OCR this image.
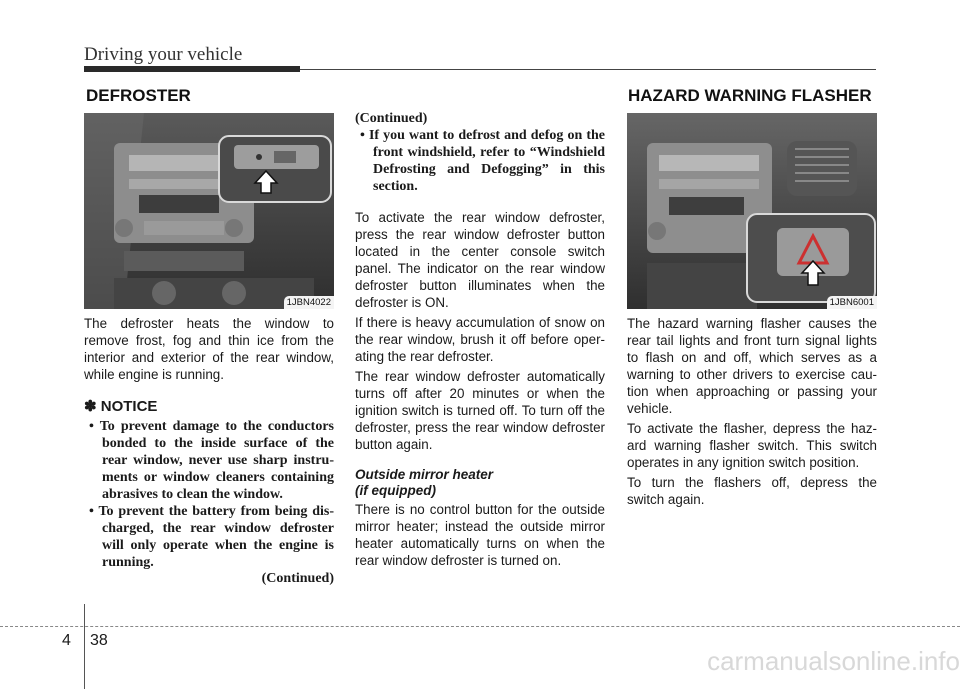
Driving your vehicle
DEFROSTER	HAZARD WARNING FLASHER
1JBN4022

The defroster heats the window to remove frost, fog and thin ice from the interior and exterior of the rear window, while engine is running.

✽ NOTICE

• To prevent damage to the conductors bonded to the inside surface of the rear window, never use sharp instru-ments or window cleaners containing abrasives to clean the window.

• To prevent the battery from being dis-charged, the rear window defroster will only operate when the engine is running.

(Continued)
(Continued)

• If you want to defrost and defog on the front windshield, refer to “Windshield Defrosting and Defogging” in this section.

To activate the rear window defroster, press the rear window defroster button located in the center console switch panel. The indicator on the rear window defroster button illuminates when the defroster is ON.

If there is heavy accumulation of snow on the rear window, brush it off before oper-ating the rear defroster.

The rear window defroster automatically turns off after 20 minutes or when the ignition switch is turned off. To turn off the defroster, press the rear window defroster button again.

Outside mirror heater
(if equipped)

There is no control button for the outside mirror heater; instead the outside mirror heater automatically turns on when the rear window defroster is turned on.

1JBN6001

The hazard warning flasher causes the rear tail lights and front turn signal lights to flash on and off, which serves as a warning to other drivers to exercise cau-tion when approaching or passing your vehicle.

To activate the flasher, depress the haz-ard warning flasher switch. This switch operates in any ignition switch position.

To turn the flashers off, depress the switch again.

4 38
carmanualsonline.info
